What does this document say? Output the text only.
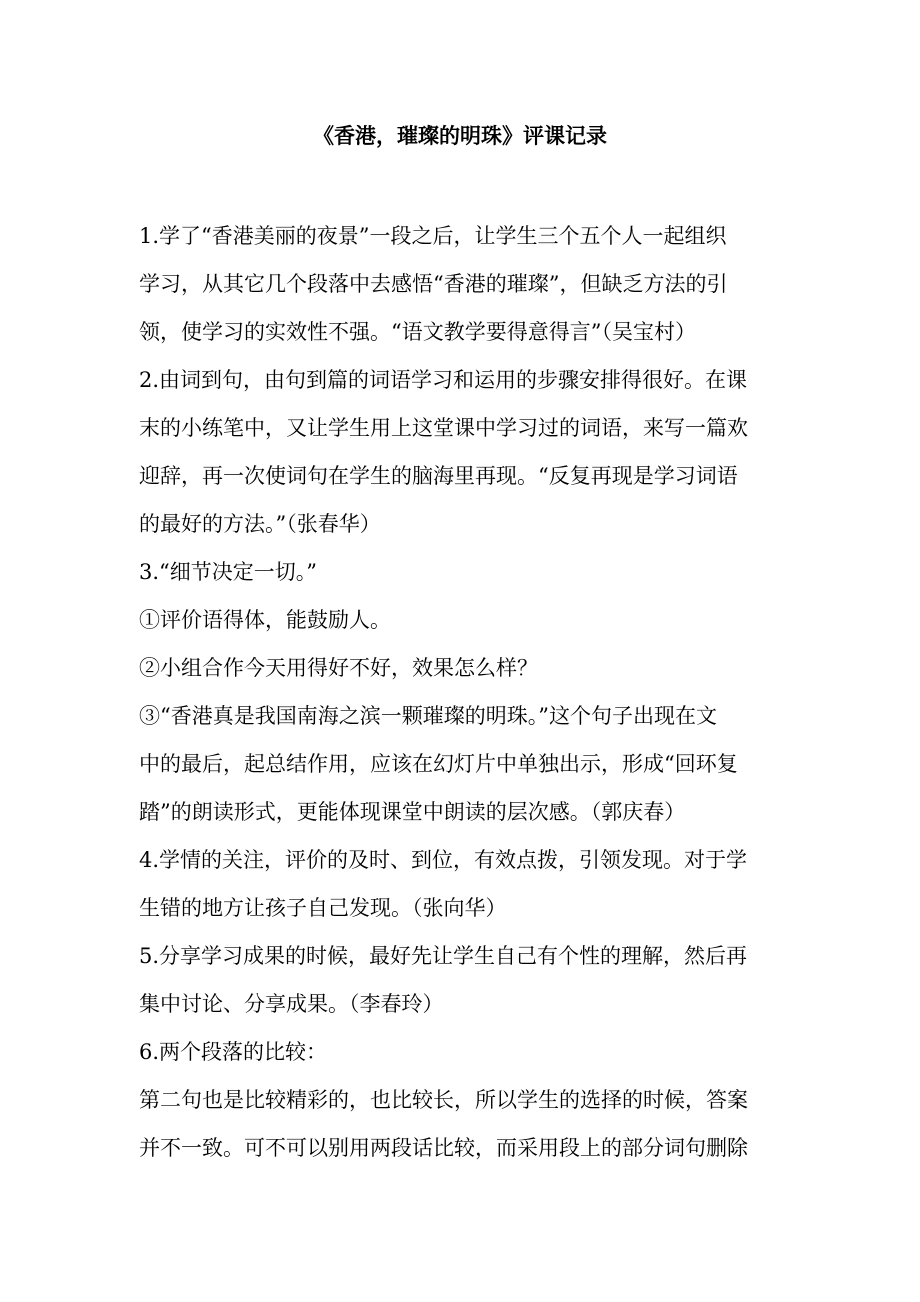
《香港，璀璨的明珠》评课记录
1.学了“香港美丽的夜景”一段之后，让学生三个五个人一起组织
学习，从其它几个段落中去感悟“香港的璀璨”，但缺乏方法的引
领，使学习的实效性不强。“语文教学要得意得言”（吴宝村）
2.由词到句，由句到篇的词语学习和运用的步骤安排得很好。在课
末的小练笔中，又让学生用上这堂课中学习过的词语，来写一篇欢
迎辞，再一次使词句在学生的脑海里再现。“反复再现是学习词语
的最好的方法。”（张春华）
3.“细节决定一切。”
①评价语得体，能鼓励人。
②小组合作今天用得好不好，效果怎么样？
③“香港真是我国南海之滨一颗璀璨的明珠。”这个句子出现在文
中的最后，起总结作用，应该在幻灯片中单独出示，形成“回环复
踏”的朗读形式，更能体现课堂中朗读的层次感。（郭庆春）
4.学情的关注，评价的及时、到位，有效点拨，引领发现。对于学
生错的地方让孩子自己发现。（张向华）
5.分享学习成果的时候，最好先让学生自己有个性的理解，然后再
集中讨论、分享成果。（李春玲）
6.两个段落的比较：
第二句也是比较精彩的，也比较长，所以学生的选择的时候，答案
并不一致。可不可以别用两段话比较，而采用段上的部分词句删除
